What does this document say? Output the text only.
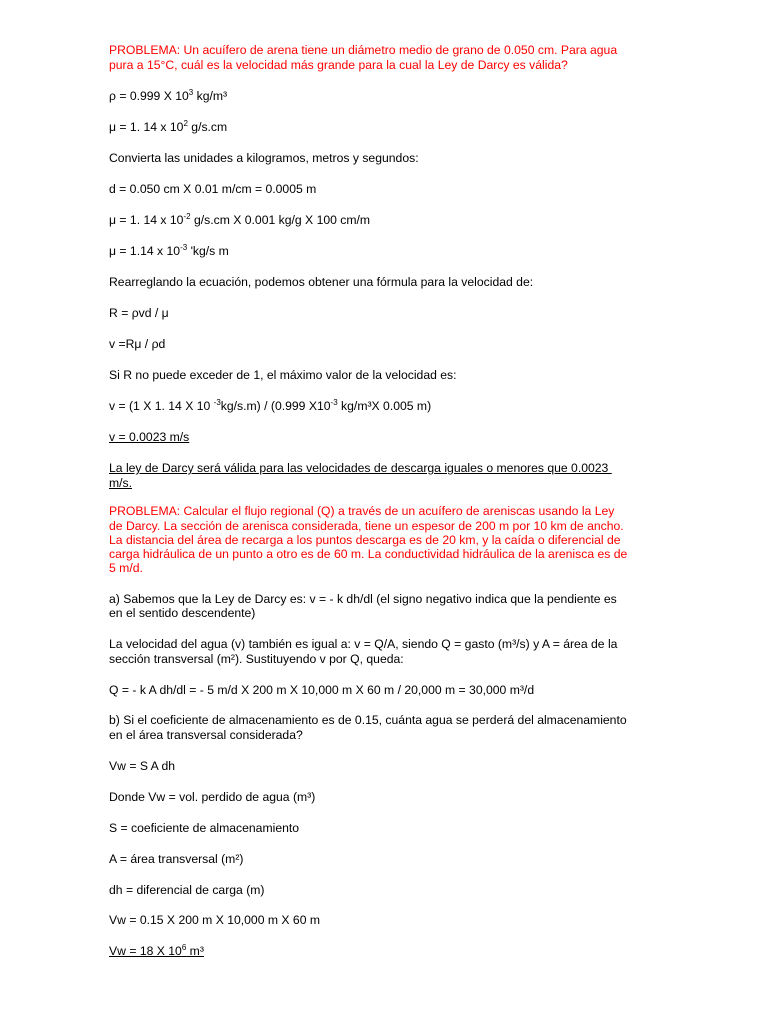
PROBLEMA: Un acuífero de arena tiene un diámetro medio de grano de 0.050 cm. Para agua
pura a 15°C, cuál es la velocidad más grande para la cual la Ley de Darcy es válida?
ρ = 0.999 X $10^3$ kg/m³
μ = 1. 14 x $10^2$ g/s.cm
Convierta las unidades a kilogramos, metros y segundos:
d = 0.050 cm X 0.01 m/cm = 0.0005 m
μ = 1. 14 x $10^{-2}$ g/s.cm X 0.001 kg/g X 100 cm/m
μ = 1.14 x $10^{-3}$ 'kg/s m
Rearreglando la ecuación, podemos obtener una fórmula para la velocidad de:
R = ρvd / μ
v =Rμ / ρd
Si R no puede exceder de 1, el máximo valor de la velocidad es:
v = (1 X 1. 14 X 10 $^{-3}$kg/s.m) / (0.999 $X10^{-3}$ kg/m³X 0.005 m)
v = 0.0023 m/s
La ley de Darcy será válida para las velocidades de descarga iguales o menores que 0.0023
m/s.
PROBLEMA: Calcular el flujo regional (Q) a través de un acuífero de areniscas usando la Ley
de Darcy. La sección de arenisca considerada, tiene un espesor de 200 m por 10 km de ancho.
La distancia del área de recarga a los puntos descarga es de 20 km, y la caída o diferencial de
carga hidráulica de un punto a otro es de 60 m. La conductividad hidráulica de la arenisca es de
5 m/d.
a) Sabemos que la Ley de Darcy es: v = - k dh/dl (el signo negativo indica que la pendiente es
en el sentido descendente)
La velocidad del agua (v) también es igual a: v = Q/A, siendo Q = gasto (m³/s) y A = área de la
sección transversal (m²). Sustituyendo v por Q, queda:
Q = - k A dh/dl = - 5 m/d X 200 m X 10,000 m X 60 m / 20,000 m = 30,000 m³/d
b) Si el coeficiente de almacenamiento es de 0.15, cuánta agua se perderá del almacenamiento
en el área transversal considerada?
Vw = S A dh
Donde Vw = vol. perdido de agua (m³)
S = coeficiente de almacenamiento
A = área transversal (m²)
dh = diferencial de carga (m)
Vw = 0.15 X 200 m X 10,000 m X 60 m
Vw = 18 X $10^6$ m³
